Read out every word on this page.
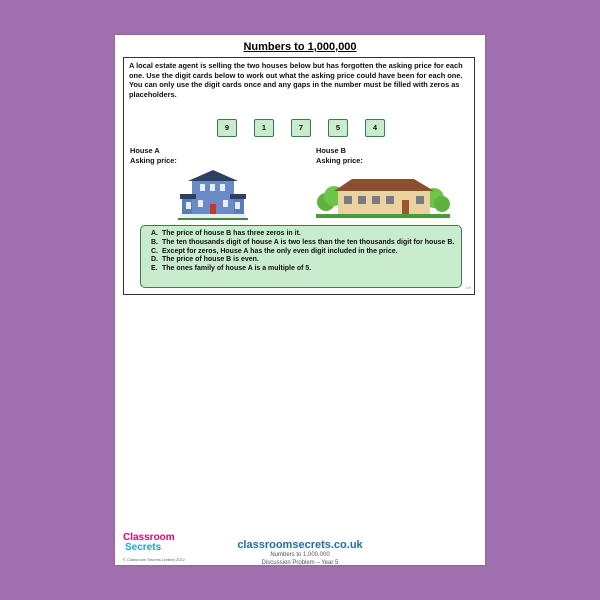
Numbers to 1,000,000
A local estate agent is selling the two houses below but has forgotten the asking price for each one. Use the digit cards below to work out what the asking price could have been for each one. You can only use the digit cards once and any gaps in the number must be filled with zeros as placeholders.
9	1	7	5	4
House A
Asking price:
House B
Asking price:
A. The price of house B has three zeros in it.
B. The ten thousands digit of house A is two less than the ten thousands digit for house B.
C. Except for zeros, House A has the only even digit included in the price.
D. The price of house B is even.
E. The ones family of house A is a multiple of 5.
D9
Classroom
Secrets
© Classroom Secrets Limited 2022
classroomsecrets.co.uk
Numbers to 1,000,000
Discussion Problem – Year 5
